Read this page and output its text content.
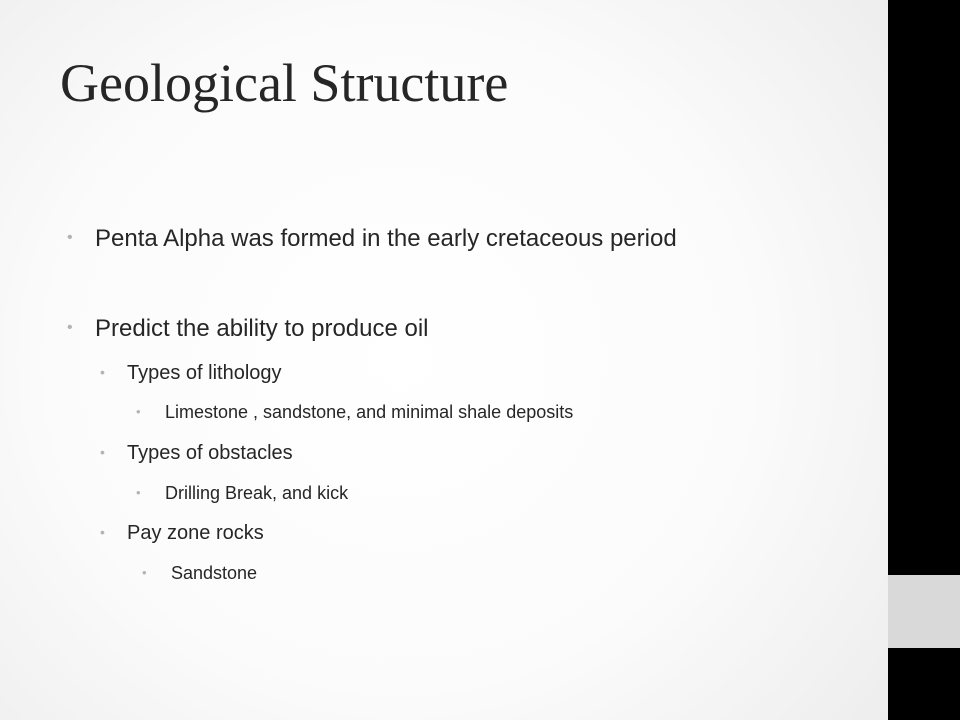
Geological Structure
• Penta Alpha was formed in the early cretaceous period
• Predict the ability to produce oil
• Types of lithology
• Limestone , sandstone, and minimal shale deposits
• Types of obstacles
• Drilling Break, and kick
• Pay zone rocks
• Sandstone
